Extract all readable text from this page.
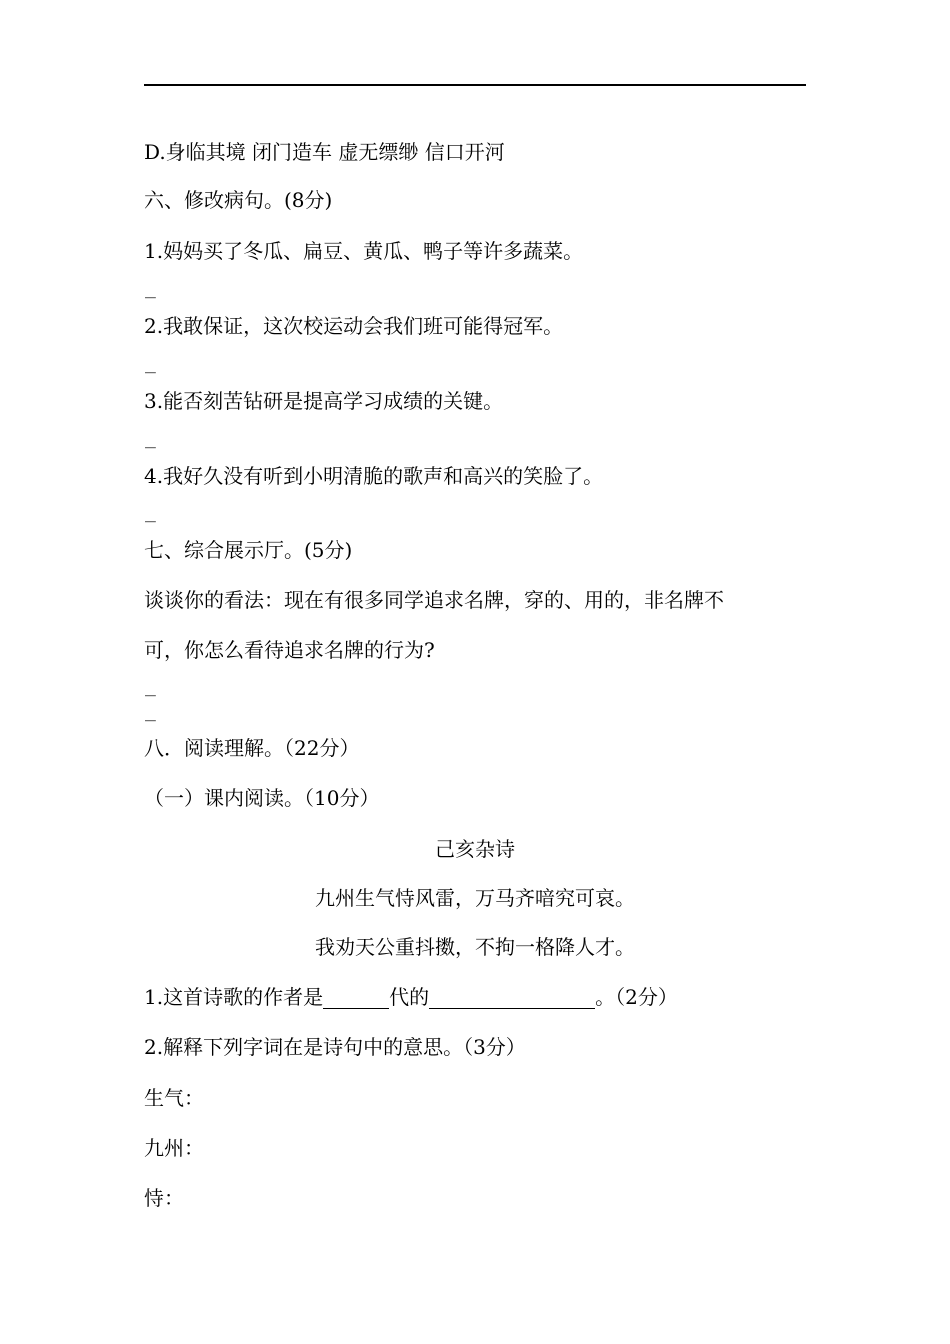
D.身临其境 闭门造车 虚无缥缈 信口开河
六、修改病句。(8分)
1.妈妈买了冬瓜、扁豆、黄瓜、鸭子等许多蔬菜。
_
2.我敢保证，这次校运动会我们班可能得冠军。
_
3.能否刻苦钻研是提高学习成绩的关键。
_
4.我好久没有听到小明清脆的歌声和高兴的笑脸了。
_
七、综合展示厅。(5分)
谈谈你的看法：现在有很多同学追求名牌，穿的、用的，非名牌不
可，你怎么看待追求名牌的行为?
_
_
八．阅读理解。（22分）
（一）课内阅读。（10分）
己亥杂诗
九州生气恃风雷，万马齐喑究可哀。
我劝天公重抖擞，不拘一格降人才。
1.这首诗歌的作者是	代的	。（2分）
2.解释下列字词在是诗句中的意思。（3分）
生气：
九州：
恃：
